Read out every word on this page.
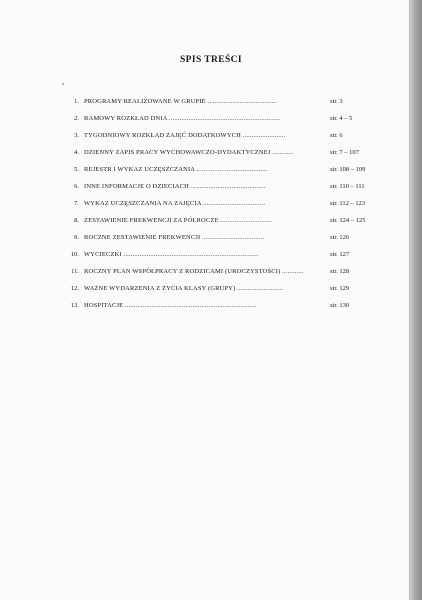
SPIS TREŚCI
1. PROGRAMY REALIZOWANE W GRUPIE .......................................	str. 3
2. RAMOWY ROZKŁAD DNIA ...............................................................	str. 4 – 5
3. TYGODNIOWY ROZKŁAD ZAJĘĆ DODATKOWYCH ........................	str. 6
4. DZIENNY ZAPIS PRACY WYCHOWAWCZO-DYDAKTYCZNEJ ............	str. 7 – 107
5. REJESTR I WYKAZ UCZĘSZCZANIA ........................................	str. 108 – 109
6. INNE INFORMACJE O DZIECIACH ..........................................	str. 110 – 111
7. WYKAZ UCZĘSZCZANIA NA ZAJĘCIA ...................................	str. 112 – 123
8. ZESTAWIENIE FREKWENCJI ZA PÓŁROCZE .............................	str. 124 – 125
9. ROCZNE ZESTAWIENIE FREKWENCJI ...................................	str. 126
10. WYCIECZKI ............................................................................	str. 127
11. ROCZNY PLAN WSPÓŁPRACY Z RODZICAMI (UROCZYSTOŚCI) ............	str. 128
12. WAŻNE WYDARZENIA Z ŻYCIA KLASY (GRUPY) ..........................	str. 129
13. HOSPITACJE ..........................................................................	str. 130
